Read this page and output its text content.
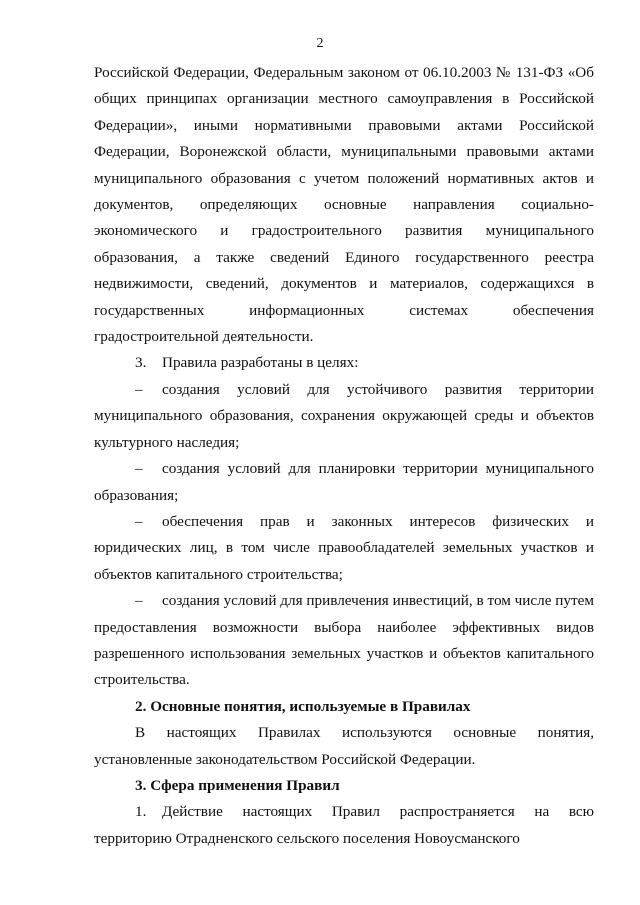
2

Российской Федерации, Федеральным законом от 06.10.2003 № 131-ФЗ «Об общих принципах организации местного самоуправления в Российской Федерации», иными нормативными правовыми актами Российской Федерации, Воронежской области, муниципальными правовыми актами муниципального образования с учетом положений нормативных актов и документов, определяющих основные направления социально-экономического и градостроительного развития муниципального образования, а также сведений Единого государственного реестра недвижимости, сведений, документов и материалов, содержащихся в государственных информационных системах обеспечения градостроительной деятельности.

3. Правила разработаны в целях:

– создания условий для устойчивого развития территории муниципального образования, сохранения окружающей среды и объектов культурного наследия;

– создания условий для планировки территории муниципального образования;

– обеспечения прав и законных интересов физических и юридических лиц, в том числе правообладателей земельных участков и объектов капитального строительства;

– создания условий для привлечения инвестиций, в том числе путем предоставления возможности выбора наиболее эффективных видов разрешенного использования земельных участков и объектов капитального строительства.

2. Основные понятия, используемые в Правилах

В настоящих Правилах используются основные понятия, установленные законодательством Российской Федерации.

3. Сфера применения Правил

1. Действие настоящих Правил распространяется на всю территорию Отрадненского сельского поселения Новоусманского
